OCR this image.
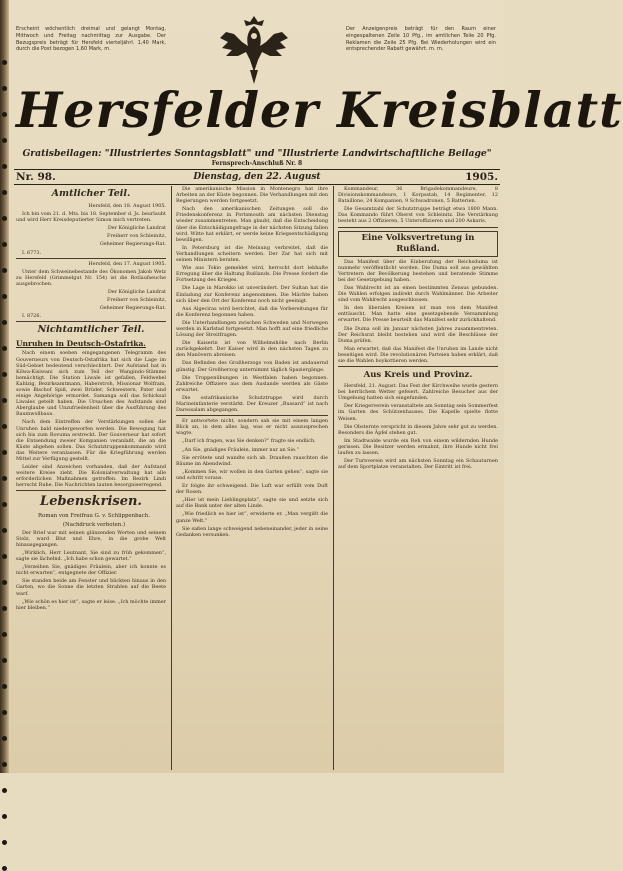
Erscheint wöchentlich dreimal und gelangt Montag, Mittwoch und Freitag nachmittag zur Ausgabe. Der Bezugspreis beträgt für Hersfeld vierteljährl. 1,40 Mark, durch die Post bezogen 1,60 Mark, m.
Der Anzeigenpreis beträgt für den Raum einer eingespaltenen Zeile 10 Pfg., im amtlichen Teile 20 Pfg. Reklamen die Zeile 25 Pfg. Bei Wiederholungen wird ein entsprechender Rabatt gewährt. m. m.
Hersfelder Kreisblatt
Gratisbeilagen: "Illustriertes Sonntagsblatt" und "Illustrierte Landwirtschaftliche Beilage"
Fernsprech-Anschluß Nr. 8
Dienstag, den 22. August
Nr. 98.	1905.
Amtlicher Teil.

Hersfeld, den 18. August 1905.

Ich bin vom 21. d. Mts. bis 18. September d. Js. beurlaubt und wird Herr Kreisdeputierter Simon mich vertreten.

Der Königliche Landrat

Freiherr von Schleinitz,

Geheimer Regierungs-Rat.

I. 6773.

Hersfeld, den 17. August 1905.

Unter dem Schweinebestande des Ökonomen Jakob Wetz zu Hersfeld (Grimmelgut Nr. 154) ist die Rotlaufseuche ausgebrochen.

Der Königliche Landrat

Freiherr von Schleinitz,

Geheimer Regierungs-Rat.

I. 8726.

Nichtamtlicher Teil.
Unruhen in Deutsch-Ostafrika.

Nach einem soeben eingegangenen Telegramm des Gouverneurs von Deutsch-Ostafrika hat sich die Lage im Süd-Gebiet bedeutend verschlechtert. Der Aufstand hat in Kilwa-Kisiwani sich zum Teil der Wangindo-Stämme bemächtigt. Die Station Liwale ist gefallen, Feldwebel Kahlzig, Bezirksamtmann, Haberstroh, Missionar Wolfram, sowie Bischof Spiß, zwei Brüder, Schwestern, Pater und einige Angehörige ermordet. Samanga soll das Schicksal Liwales geteilt haben. Die Ursachen des Aufstands sind Aberglaube und Unzufriedenheit über die Ausführung des Baumwollbaus.

Nach dem Eintreffen der Verstärkungen sollen die Unruhen bald niedergeworfen werden. Die Bewegung hat sich bis zum Rovuma erstreckt. Der Gouverneur hat sofort die Entsendung zweier Kompanien veranlaßt, die an die Küste abgehen sollen. Das Schutztruppenkommando wird das Weitere veranlassen. Für die Kriegführung werden Mittel zur Verfügung gestellt.

Leider sind Anzeichen vorhanden, daß der Aufstand weitere Kreise zieht. Die Kolonialverwaltung hat alle erforderlichen Maßnahmen getroffen. Im Bezirk Lindi herrscht Ruhe. Die Nachrichten lauten besorgniserregend.

Lebenskrisen.

Roman von Freifrau G. v. Schlippenbach.

(Nachdruck verboten.)

Der Brief war mit seinen glänzenden Worten und seinem Stolz, ward Blut und Ehre, in die grobe Welt hinausgegangen.

„Wirklich, Herr Leutnant, Sie sind zu früh gekommen“, sagte sie lächelnd. „Ich habe schon gewartet.“

„Verzeihen Sie, gnädiges Fräulein, aber ich konnte es nicht erwarten“, entgegnete der Offizier.

Sie standen beide am Fenster und blickten hinaus in den Garten, wo die Sonne die letzten Strahlen auf die Beete warf.

„Wie schön es hier ist“, sagte er leise. „Ich möchte immer hier bleiben.“

Die amerikanische Mission in Montenegro hat ihre Arbeiten an der Küste begonnen. Die Verhandlungen mit den Regierungen werden fortgesetzt.

Nach den amerikanischen Zeitungen soll die Friedenskonferenz in Portsmouth am nächsten Dienstag wieder zusammentreten. Man glaubt, daß die Entscheidung über die Entschädigungsfrage in der nächsten Sitzung fallen wird. Witte hat erklärt, er werde keine Kriegsentschädigung bewilligen.

In Petersburg ist die Meinung verbreitet, daß die Verhandlungen scheitern werden. Der Zar hat sich mit seinen Ministern beraten.

Wie aus Tokio gemeldet wird, herrscht dort lebhafte Erregung über die Haltung Rußlands. Die Presse fordert die Fortsetzung des Krieges.

Die Lage in Marokko ist unverändert. Der Sultan hat die Einladung zur Konferenz angenommen. Die Mächte haben sich über den Ort der Konferenz noch nicht geeinigt.

Aus Algeciras wird berichtet, daß die Vorbereitungen für die Konferenz begonnen haben.

Die Unterhandlungen zwischen Schweden und Norwegen werden in Karlstad fortgesetzt. Man hofft auf eine friedliche Lösung der Streitfragen.

Die Kaiserin ist von Wilhelmshöhe nach Berlin zurückgekehrt. Der Kaiser wird in den nächsten Tagen zu den Manövern abreisen.

Das Befinden des Großherzogs von Baden ist andauernd günstig. Der Großherzog unternimmt täglich Spaziergänge.

Die Truppenübungen in Westfalen haben begonnen. Zahlreiche Offiziere aus dem Auslande werden als Gäste erwartet.

Die ostafrikanische Schutztruppe wird durch Marineinfanterie verstärkt. Der Kreuzer „Bussard“ ist nach Daressalam abgegangen.

Er antwortete nicht, sondern sah sie mit einem langen Blick an, in dem alles lag, was er nicht auszusprechen wagte.

„Darf ich fragen, was Sie denken?“ fragte sie endlich.

„An Sie, gnädiges Fräulein, immer nur an Sie.“

Sie errötete und wandte sich ab. Draußen rauschten die Bäume im Abendwind.

„Kommen Sie, wir wollen in den Garten gehen“, sagte sie und schritt voraus.

Er folgte ihr schweigend. Die Luft war erfüllt vom Duft der Rosen.

„Hier ist mein Lieblingsplatz“, sagte sie und setzte sich auf die Bank unter der alten Linde.

„Wie friedlich es hier ist“, erwiderte er. „Man vergißt die ganze Welt.“

Sie saßen lange schweigend nebeneinander, jeder in seine Gedanken versunken.

Kommandeur, 36 Brigadekommandeure, 8 Divisionskommandeure, 1 Korpsstab, 14 Regimenter, 12 Bataillone, 24 Kompanien, 9 Schwadronen, 5 Batterien.

Die Gesamtzahl der Schutztruppe beträgt etwa 1800 Mann. Das Kommando führt Oberst von Schleinitz. Die Verstärkung besteht aus 2 Offizieren, 5 Unteroffizieren und 200 Askaris.

Eine Volksvertretung in Rußland.

Das Manifest über die Einberufung der Reichsduma ist nunmehr veröffentlicht worden. Die Duma soll aus gewählten Vertretern der Bevölkerung bestehen und beratende Stimme bei der Gesetzgebung haben.

Das Wahlrecht ist an einen bestimmten Zensus gebunden. Die Wahlen erfolgen indirekt durch Wahlmänner. Die Arbeiter sind vom Wahlrecht ausgeschlossen.

In den liberalen Kreisen ist man von dem Manifest enttäuscht. Man hatte eine gesetzgebende Versammlung erwartet. Die Presse beurteilt das Manifest sehr zurückhaltend.

Die Duma soll im Januar nächsten Jahres zusammentreten. Der Reichsrat bleibt bestehen und wird die Beschlüsse der Duma prüfen.

Man erwartet, daß das Manifest die Unruhen im Lande nicht beseitigen wird. Die revolutionären Parteien haben erklärt, daß sie die Wahlen boykottieren werden.

Aus Kreis und Provinz.

Hersfeld, 21. August. Das Fest der Kirchweihe wurde gestern bei herrlichem Wetter gefeiert. Zahlreiche Besucher aus der Umgebung hatten sich eingefunden.

Der Kriegerverein veranstaltete am Sonntag sein Sommerfest im Garten des Schützenhauses. Die Kapelle spielte flotte Weisen.

Die Obsternte verspricht in diesem Jahre sehr gut zu werden. Besonders die Äpfel stehen gut.

Im Stadtwalde wurde ein Reh von einem wildernden Hunde gerissen. Die Besitzer werden ermahnt, ihre Hunde nicht frei laufen zu lassen.

Der Turnverein wird am nächsten Sonntag ein Schauturnen auf dem Sportplatze veranstalten. Der Eintritt ist frei.
